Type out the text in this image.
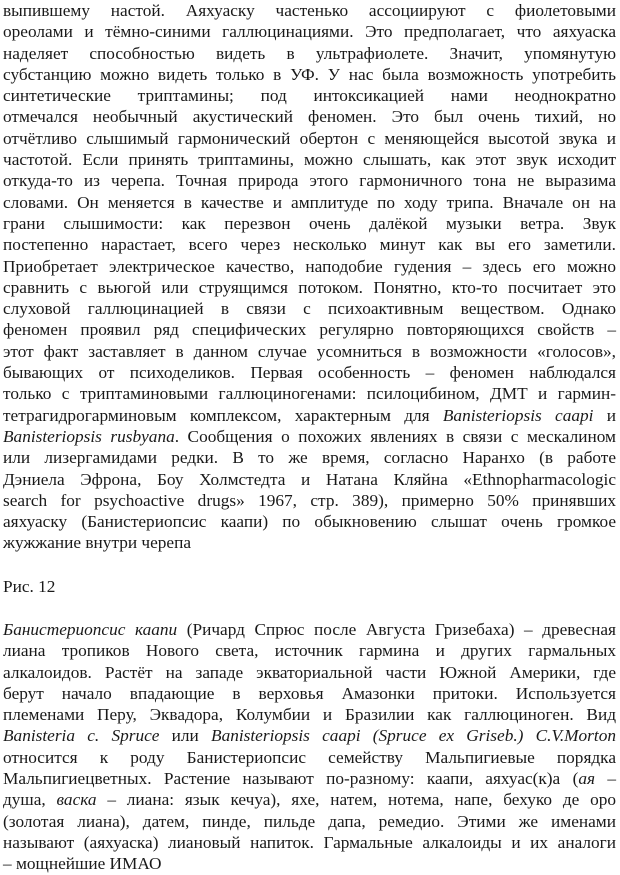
выпившему настой. Аяхуаску частенько ассоциируют с фиолетовыми
ореолами и тёмно-синими галлюцинациями. Это предполагает, что аяхуаска
наделяет способностью видеть в ультрафиолете. Значит, упомянутую
субстанцию можно видеть только в УФ. У нас была возможность употребить
синтетические триптамины; под интоксикацией нами неоднократно
отмечался необычный акустический феномен. Это был очень тихий, но
отчётливо слышимый гармонический обертон с меняющейся высотой звука и
частотой. Если принять триптамины, можно слышать, как этот звук исходит
откуда-то из черепа. Точная природа этого гармоничного тона не выразима
словами. Он меняется в качестве и амплитуде по ходу трипа. Вначале он на
грани слышимости: как перезвон очень далёкой музыки ветра. Звук
постепенно нарастает, всего через несколько минут как вы его заметили.
Приобретает электрическое качество, наподобие гудения – здесь его можно
сравнить с вьюгой или струящимся потоком. Понятно, кто-то посчитает это
слуховой галлюцинацией в связи с психоактивным веществом. Однако
феномен проявил ряд специфических регулярно повторяющихся свойств –
этот факт заставляет в данном случае усомниться в возможности «голосов»,
бывающих от психоделиков. Первая особенность – феномен наблюдался
только с триптаминовыми галлюциногенами: псилоцибином, ДМТ и гармин-
тетрагидрогарминовым комплексом, характерным для Banisteriopsis caapi и
Banisteriopsis rusbyana. Сообщения о похожих явлениях в связи с мескалином
или лизергамидами редки. В то же время, согласно Наранхо (в работе
Дэниела Эфрона, Боу Холмстедта и Натана Кляйна «Ethnopharmacologic
search for psychoactive drugs» 1967, стр. 389), примерно 50% принявших
аяхуаску (Банистериопсис каапи) по обыкновению слышат очень громкое
жужжание внутри черепа
Рис. 12
Банистериопсис каапи (Ричард Спрюс после Августа Гризебаха) – древесная
лиана тропиков Нового света, источник гармина и других гармальных
алкалоидов. Растёт на западе экваториальной части Южной Америки, где
берут начало впадающие в верховья Амазонки притоки. Используется
племенами Перу, Эквадора, Колумбии и Бразилии как галлюциноген. Вид
Banisteria c. Spruce или Banisteriopsis caapi (Spruce ex Griseb.) C.V.Morton
относится к роду Банистериопсис семейству Мальпигиевые порядка
Мальпигиецветных. Растение называют по-разному: каапи, аяхуас(к)а (ая –
душа, васка – лиана: язык кечуа), яхе, натем, нотема, напе, бехуко де оро
(золотая лиана), датем, пинде, пильде дапа, ремедио. Этими же именами
называют (аяхуаска) лиановый напиток. Гармальные алкалоиды и их аналоги
– мощнейшие ИМАО
